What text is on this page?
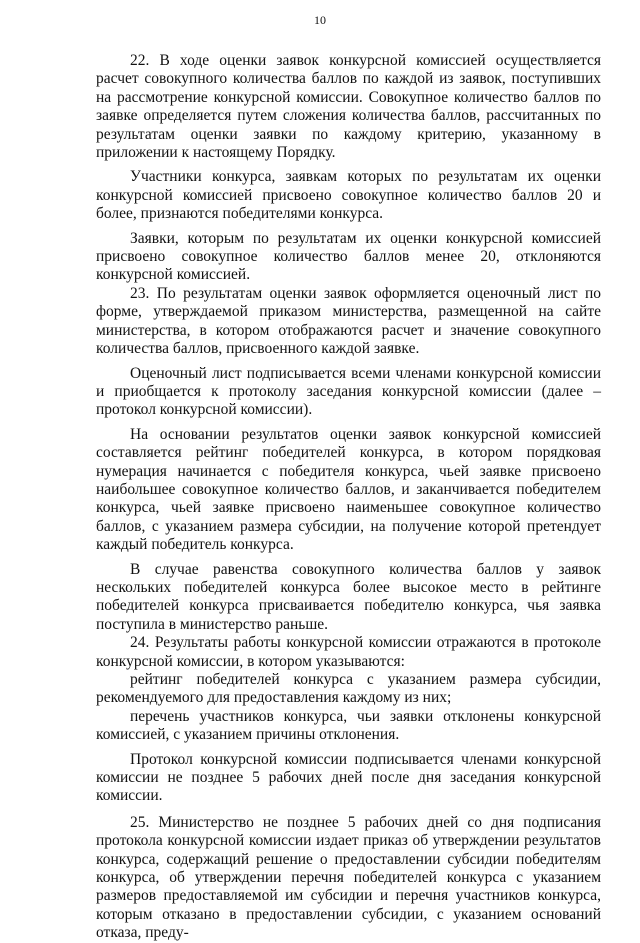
10

22. В ходе оценки заявок конкурсной комиссией осуществляется расчет совокупного количества баллов по каждой из заявок, поступивших на рассмотрение конкурсной комиссии. Совокупное количество баллов по заявке определяется путем сложения количества баллов, рассчитанных по результатам оценки заявки по каждому критерию, указанному в приложении к настоящему Порядку.

Участники конкурса, заявкам которых по результатам их оценки конкурсной комиссией присвоено совокупное количество баллов 20 и более, признаются победителями конкурса.

Заявки, которым по результатам их оценки конкурсной комиссией присвоено совокупное количество баллов менее 20, отклоняются конкурсной комиссией.

23. По результатам оценки заявок оформляется оценочный лист по форме, утверждаемой приказом министерства, размещенной на сайте министерства, в котором отображаются расчет и значение совокупного количества баллов, присвоенного каждой заявке.

Оценочный лист подписывается всеми членами конкурсной комиссии и приобщается к протоколу заседания конкурсной комиссии (далее – протокол конкурсной комиссии).

На основании результатов оценки заявок конкурсной комиссией составляется рейтинг победителей конкурса, в котором порядковая нумерация начинается с победителя конкурса, чьей заявке присвоено наибольшее совокупное количество баллов, и заканчивается победителем конкурса, чьей заявке присвоено наименьшее совокупное количество баллов, с указанием размера субсидии, на получение которой претендует каждый победитель конкурса.

В случае равенства совокупного количества баллов у заявок нескольких победителей конкурса более высокое место в рейтинге победителей конкурса присваивается победителю конкурса, чья заявка поступила в министерство раньше.

24. Результаты работы конкурсной комиссии отражаются в протоколе конкурсной комиссии, в котором указываются:

рейтинг победителей конкурса с указанием размера субсидии, рекомендуемого для предоставления каждому из них;

перечень участников конкурса, чьи заявки отклонены конкурсной комиссией, с указанием причины отклонения.

Протокол конкурсной комиссии подписывается членами конкурсной комиссии не позднее 5 рабочих дней после дня заседания конкурсной комиссии.

25. Министерство не позднее 5 рабочих дней со дня подписания протокола конкурсной комиссии издает приказ об утверждении результатов конкурса, содержащий решение о предоставлении субсидии победителям конкурса, об утверждении перечня победителей конкурса с указанием размеров предоставляемой им субсидии и перечня участников конкурса, которым отказано в предоставлении субсидии, с указанием оснований отказа, преду-
